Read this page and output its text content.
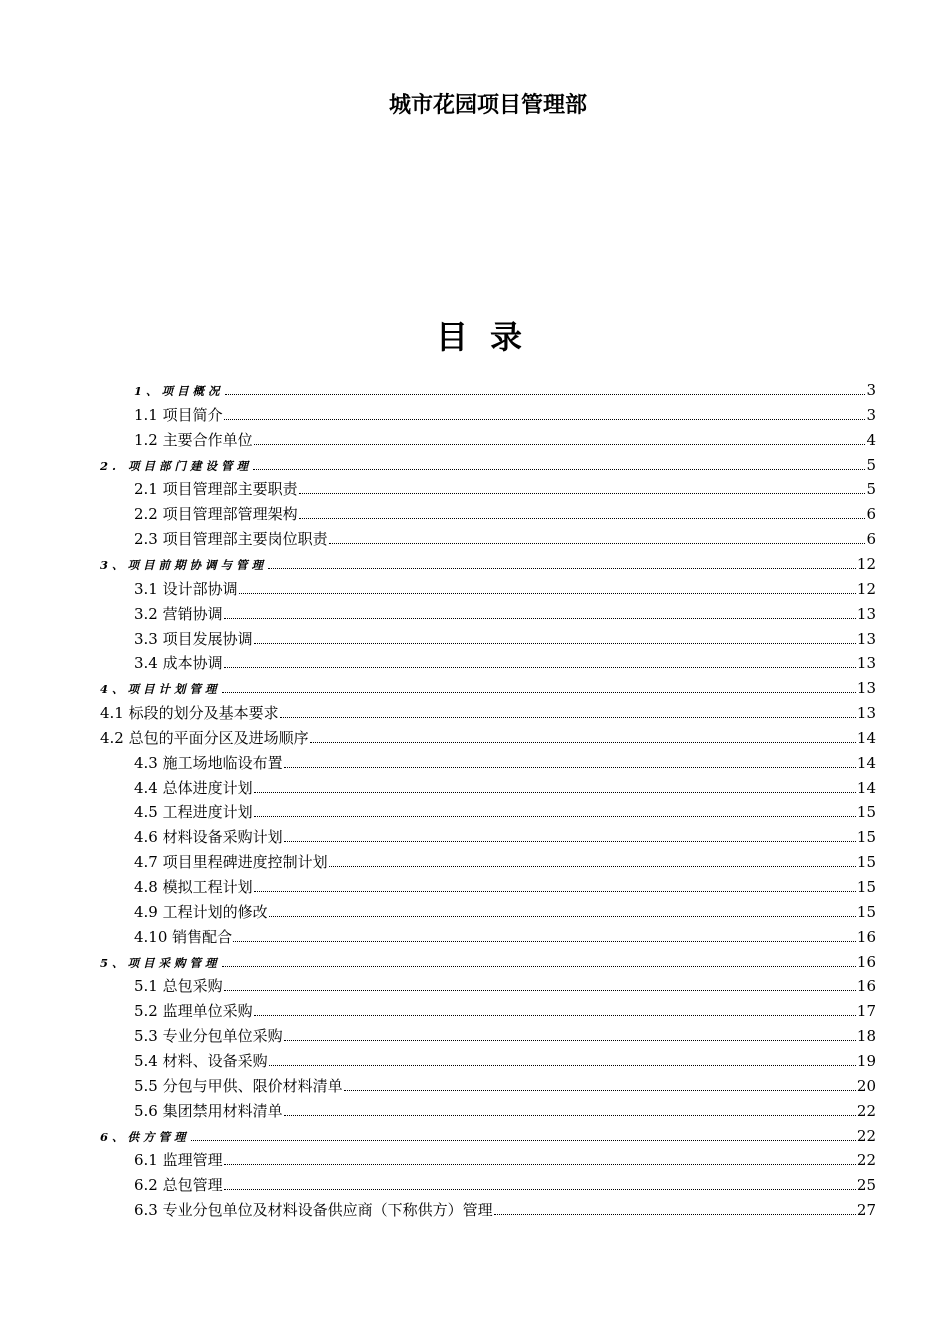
城市花园项目管理部
目录
1、项目概况	3
1.1 项目简介	3
1.2 主要合作单位	4
2. 项目部门建设管理	5
2.1 项目管理部主要职责	5
2.2 项目管理部管理架构	6
2.3 项目管理部主要岗位职责	6
3、项目前期协调与管理	12
3.1 设计部协调	12
3.2 营销协调	13
3.3 项目发展协调	13
3.4 成本协调	13
4、项目计划管理	13
4.1 标段的划分及基本要求	13
4.2 总包的平面分区及进场顺序	14
4.3 施工场地临设布置	14
4.4 总体进度计划	14
4.5 工程进度计划	15
4.6 材料设备采购计划	15
4.7 项目里程碑进度控制计划	15
4.8 模拟工程计划	15
4.9 工程计划的修改	15
4.10 销售配合	16
5、项目采购管理	16
5.1 总包采购	16
5.2 监理单位采购	17
5.3 专业分包单位采购	18
5.4 材料、设备采购	19
5.5 分包与甲供、限价材料清单	20
5.6 集团禁用材料清单	22
6、供方管理	22
6.1 监理管理	22
6.2 总包管理	25
6.3 专业分包单位及材料设备供应商（下称供方）管理	27
